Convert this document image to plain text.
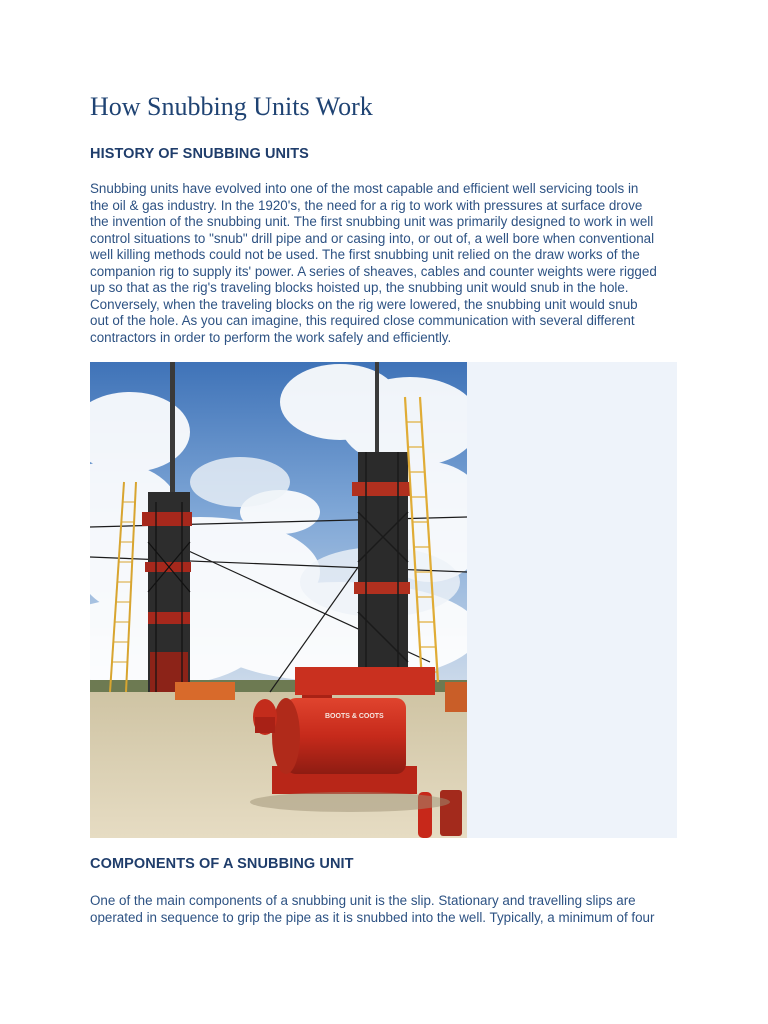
How Snubbing Units Work
HISTORY OF SNUBBING UNITS

Snubbing units have evolved into one of the most capable and efficient well servicing tools in
the oil & gas industry. In the 1920's, the need for a rig to work with pressures at surface drove
the invention of the snubbing unit. The first snubbing unit was primarily designed to work in well
control situations to "snub" drill pipe and or casing into, or out of, a well bore when conventional
well killing methods could not be used. The first snubbing unit relied on the draw works of the
companion rig to supply its' power. A series of sheaves, cables and counter weights were rigged
up so that as the rig's traveling blocks hoisted up, the snubbing unit would snub in the hole.
Conversely, when the traveling blocks on the rig were lowered, the snubbing unit would snub
out of the hole. As you can imagine, this required close communication with several different
contractors in order to perform the work safely and efficiently.

BOOTS & COOTS
COMPONENTS OF A SNUBBING UNIT

One of the main components of a snubbing unit is the slip. Stationary and travelling slips are
operated in sequence to grip the pipe as it is snubbed into the well. Typically, a minimum of four
